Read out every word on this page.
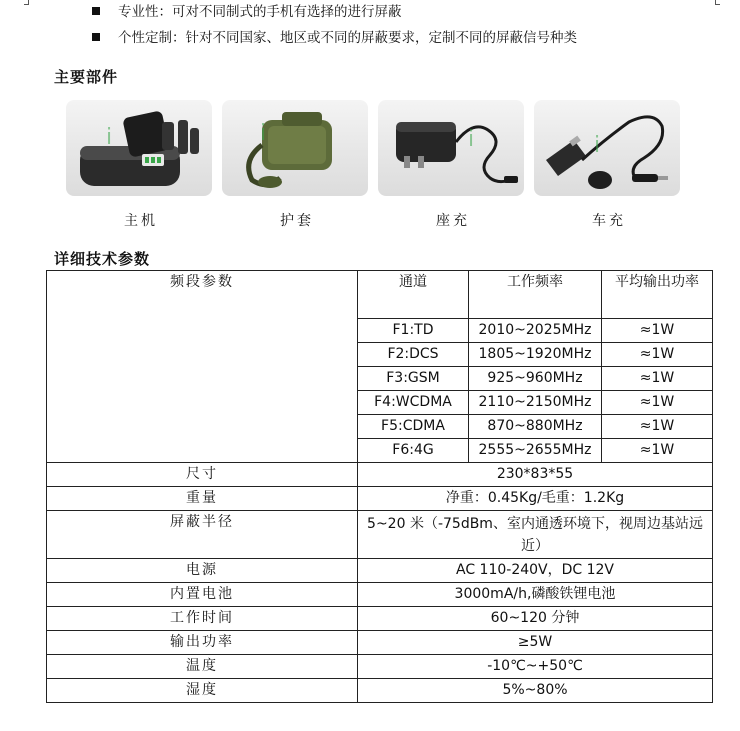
专业性：可对不同制式的手机有选择的进行屏蔽
个性定制：针对不同国家、地区或不同的屏蔽要求，定制不同的屏蔽信号种类
主要部件
i
主机
i
护套
i
座充
i
车充
详细技术参数
频段参数	通道	工作频率	平均输出功率
	F1:TD	2010~2025MHz	≈1W
	F2:DCS	1805~1920MHz	≈1W
	F3:GSM	925~960MHz	≈1W
	F4:WCDMA	2110~2150MHz	≈1W
	F5:CDMA	870~880MHz	≈1W
	F6:4G	2555~2655MHz	≈1W
尺寸	230*83*55		
重量	净重：0.45Kg/毛重：1.2Kg		
屏蔽半径	5~20 米（-75dBm、室内通透环境下，视周边基站远近）		
电源	AC 110-240V，DC 12V		
内置电池	3000mA/h,磷酸铁锂电池		
工作时间	60~120 分钟		
输出功率	≥5W		
温度	-10℃~+50℃		
湿度	5%~80%		
